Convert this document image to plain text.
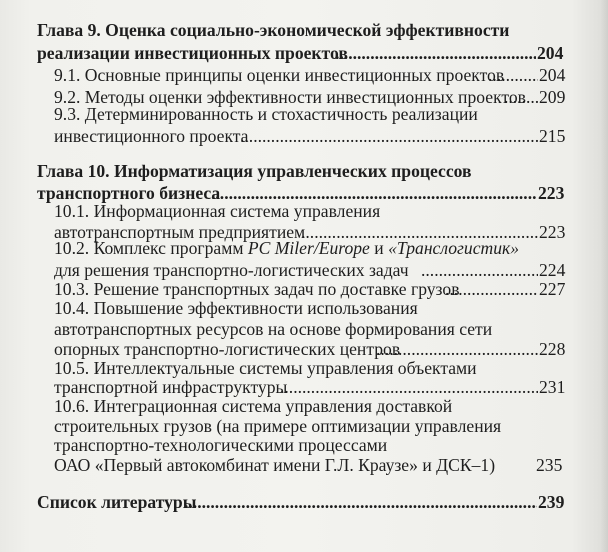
Глава 9. Оценка социально-экономической эффективности
реализации инвестиционных проектов .....	204
9.1. Основные принципы оценки инвестиционных проектов ..... 204
9.2. Методы оценки эффективности инвестиционных проектов ..... 209
9.3. Детерминированность и стохастичность реализации
инвестиционного проекта .....	215
Глава 10. Информатизация управленческих процессов
транспортного бизнеса .....	223
10.1. Информационная система управления
автотранспортным предприятием .....	223
10.2. Комплекс программ PC Miler/Europe и «Транслогистик»
для решения транспортно-логистических задач .....	224
10.3. Решение транспортных задач по доставке грузов .....	227
10.4. Повышение эффективности использования
автотранспортных ресурсов на основе формирования сети
опорных транспортно-логистических центров .....	228
10.5. Интеллектуальные системы управления объектами
транспортной инфраструктуры .....	231
10.6. Интеграционная система управления доставкой
строительных грузов (на примере оптимизации управления
транспортно-технологическими процессами
ОАО «Первый автокомбинат имени Г.Л. Краузе» и ДСК–1) 235
Список литературы .....	239
